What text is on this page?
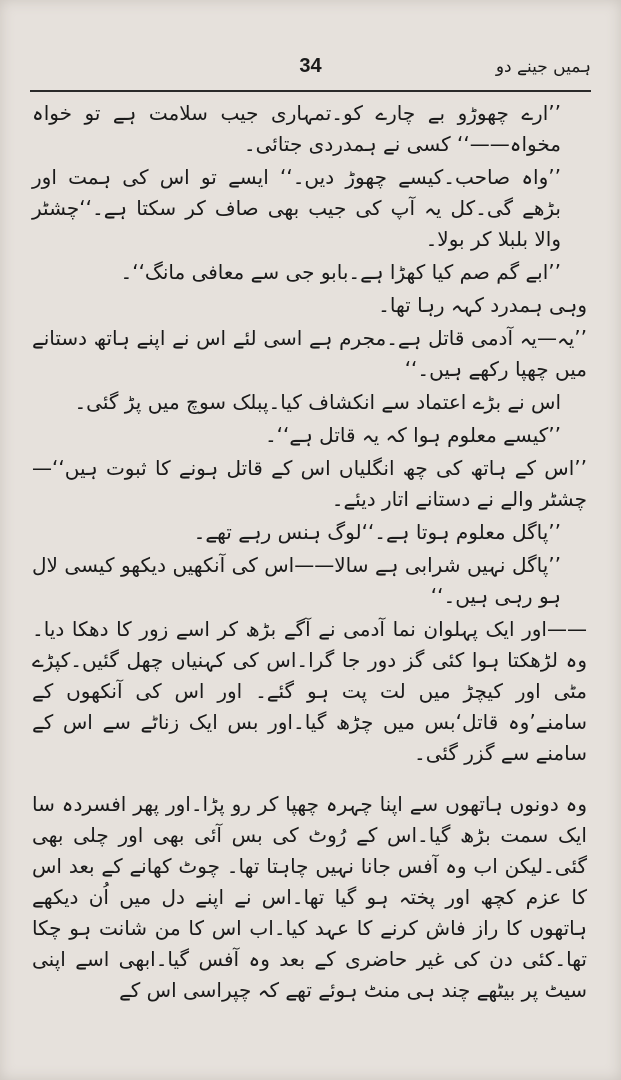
ہمیں جینے دو
34

’’ارے چھوڑو بے چارے کو۔تمہاری جیب سلامت ہے تو خواہ مخواہ——‘‘ کسی نے ہمدردی جتائی۔

’’واہ صاحب۔کیسے چھوڑ دیں۔‘‘ ایسے تو اس کی ہمت اور بڑھے گی۔کل یہ آپ کی جیب بھی صاف کر سکتا ہے۔‘‘چشٹر والا بلبلا کر بولا۔

’’ابے گم صم کیا کھڑا ہے۔بابو جی سے معافی مانگ‘‘۔

وہی ہمدرد کہہ رہا تھا۔

’’یہ—یہ آدمی قاتل ہے۔مجرم ہے اسی لئے اس نے اپنے ہاتھ دستانے میں چھپا رکھے ہیں۔‘‘

اس نے بڑے اعتماد سے انکشاف کیا۔پبلک سوچ میں پڑ گئی۔

’’کیسے معلوم ہوا کہ یہ قاتل ہے‘‘۔

’’اس کے ہاتھ کی چھ انگلیاں اس کے قاتل ہونے کا ثبوت ہیں‘‘—چشٹر والے نے دستانے اتار دیئے۔

’’پاگل معلوم ہوتا ہے۔‘‘لوگ ہنس رہے تھے۔

’’پاگل نہیں شرابی ہے سالا——اس کی آنکھیں دیکھو کیسی لال ہو رہی ہیں۔‘‘

——اور ایک پہلوان نما آدمی نے آگے بڑھ کر اسے زور کا دھکا دیا۔وہ لڑھکتا ہوا کئی گز دور جا گرا۔اس کی کہنیاں چھل گئیں۔کپڑے مٹی اور کیچڑ میں لت پت ہو گئے۔ اور اس کی آنکھوں کے سامنے’وہ قاتل‘بس میں چڑھ گیا۔اور بس ایک زناٹے سے اس کے سامنے سے گزر گئی۔

وہ دونوں ہاتھوں سے اپنا چہرہ چھپا کر رو پڑا۔اور پھر افسردہ سا ایک سمت بڑھ گیا۔اس کے رُوٹ کی بس آئی بھی اور چلی بھی گئی۔لیکن اب وہ آفس جانا نہیں چاہتا تھا۔ چوٹ کھانے کے بعد اس کا عزم کچھ اور پختہ ہو گیا تھا۔اس نے اپنے دل میں اُن دیکھے ہاتھوں کا راز فاش کرنے کا عہد کیا۔اب اس کا من شانت ہو چکا تھا۔کئی دن کی غیر حاضری کے بعد وہ آفس گیا۔ابھی اسے اپنی سیٹ پر بیٹھے چند ہی منٹ ہوئے تھے کہ چپراسی اس کے
